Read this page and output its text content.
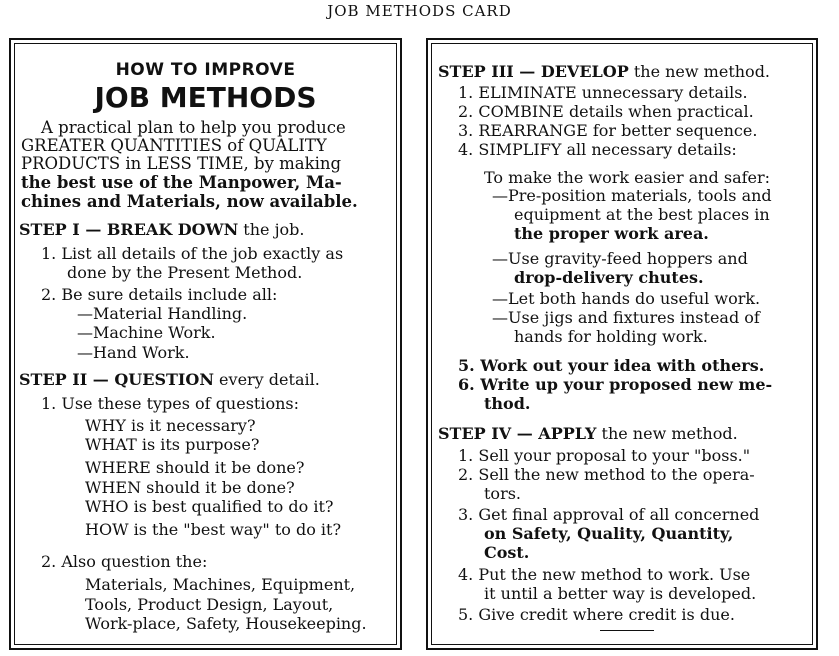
JOB METHODS CARD
HOW TO IMPROVE
JOB METHODS
A practical plan to help you produce
GREATER QUANTITIES of QUALITY
PRODUCTS in LESS TIME, by making
the best use of the Manpower, Ma-
chines and Materials, now available.
STEP I — BREAK DOWN the job.
1. List all details of the job exactly as
done by the Present Method.
2. Be sure details include all:
—Material Handling.
—Machine Work.
—Hand Work.
STEP II — QUESTION every detail.
1. Use these types of questions:
WHY is it necessary?
WHAT is its purpose?
WHERE should it be done?
WHEN should it be done?
WHO is best qualified to do it?
HOW is the "best way" to do it?
2. Also question the:
Materials, Machines, Equipment,
Tools, Product Design, Layout,
Work-place, Safety, Housekeeping.
STEP III — DEVELOP the new method.
1. ELIMINATE unnecessary details.
2. COMBINE details when practical.
3. REARRANGE for better sequence.
4. SIMPLIFY all necessary details:
To make the work easier and safer:
—Pre-position materials, tools and
equipment at the best places in
the proper work area.
—Use gravity-feed hoppers and
drop-delivery chutes.
—Let both hands do useful work.
—Use jigs and fixtures instead of
hands for holding work.
5. Work out your idea with others.
6. Write up your proposed new me-
thod.
STEP IV — APPLY the new method.
1. Sell your proposal to your "boss."
2. Sell the new method to the opera-
tors.
3. Get final approval of all concerned
on Safety, Quality, Quantity,
Cost.
4. Put the new method to work. Use
it until a better way is developed.
5. Give credit where credit is due.
